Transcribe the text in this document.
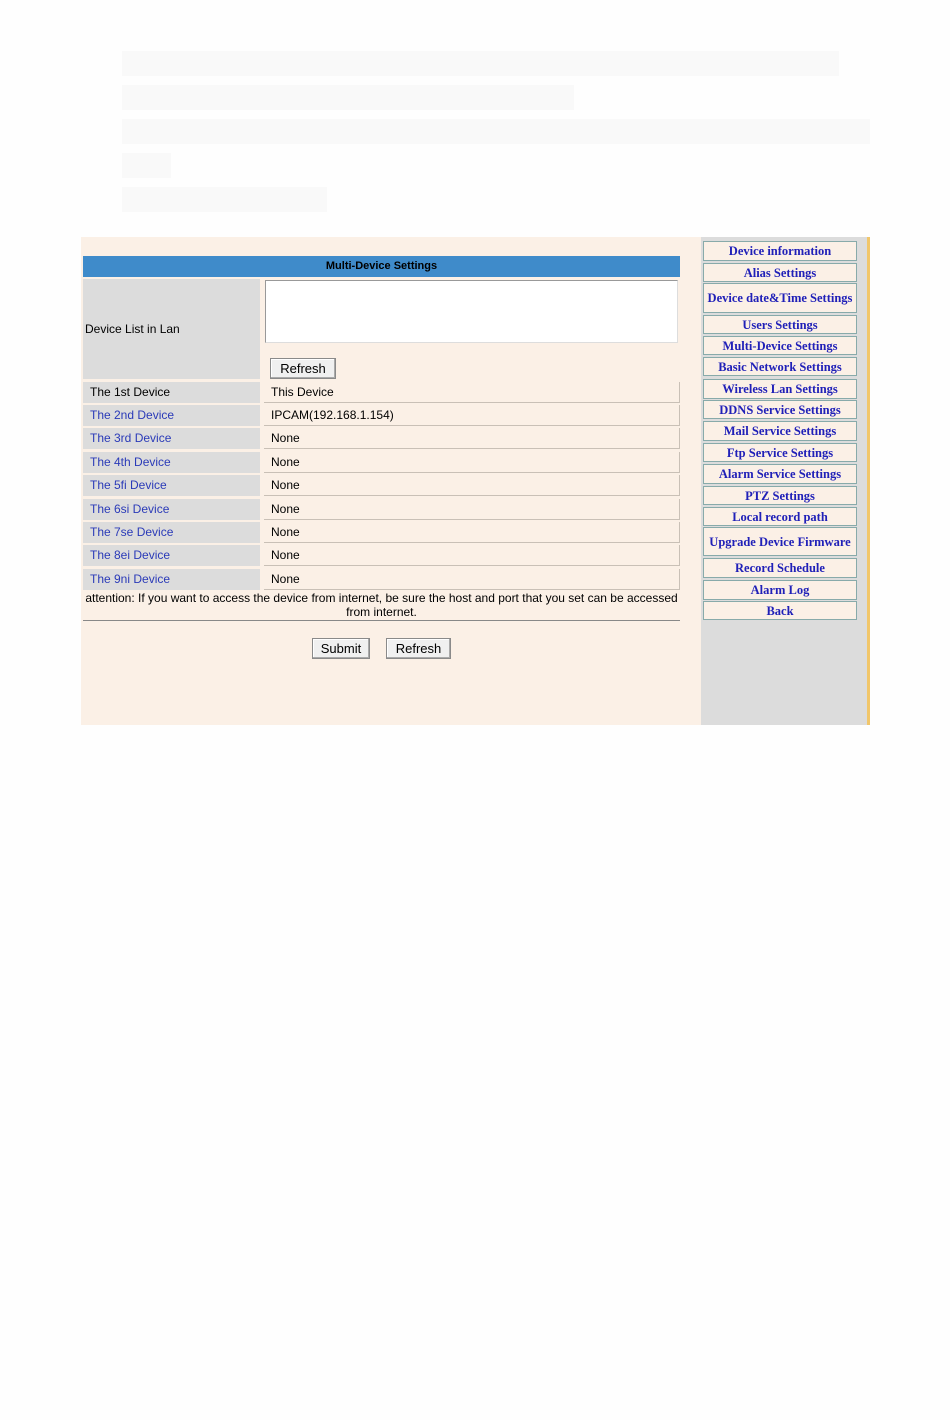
Multi-Device Settings
Device List in Lan
Refresh
The 1st Device	This Device
The 2nd Device	IPCAM(192.168.1.154)
The 3rd Device	None
The 4th Device	None
The 5fi Device	None
The 6si Device	None
The 7se Device	None
The 8ei Device	None
The 9ni Device	None
attention: If you want to access the device from internet, be sure the host and port that you set can be accessed from internet.
Submit	Refresh
Device information
Alias Settings
Device date&Time Settings
Users Settings
Multi-Device Settings
Basic Network Settings
Wireless Lan Settings
DDNS Service Settings
Mail Service Settings
Ftp Service Settings
Alarm Service Settings
PTZ Settings
Local record path
Upgrade Device Firmware
Record Schedule
Alarm Log
Back
